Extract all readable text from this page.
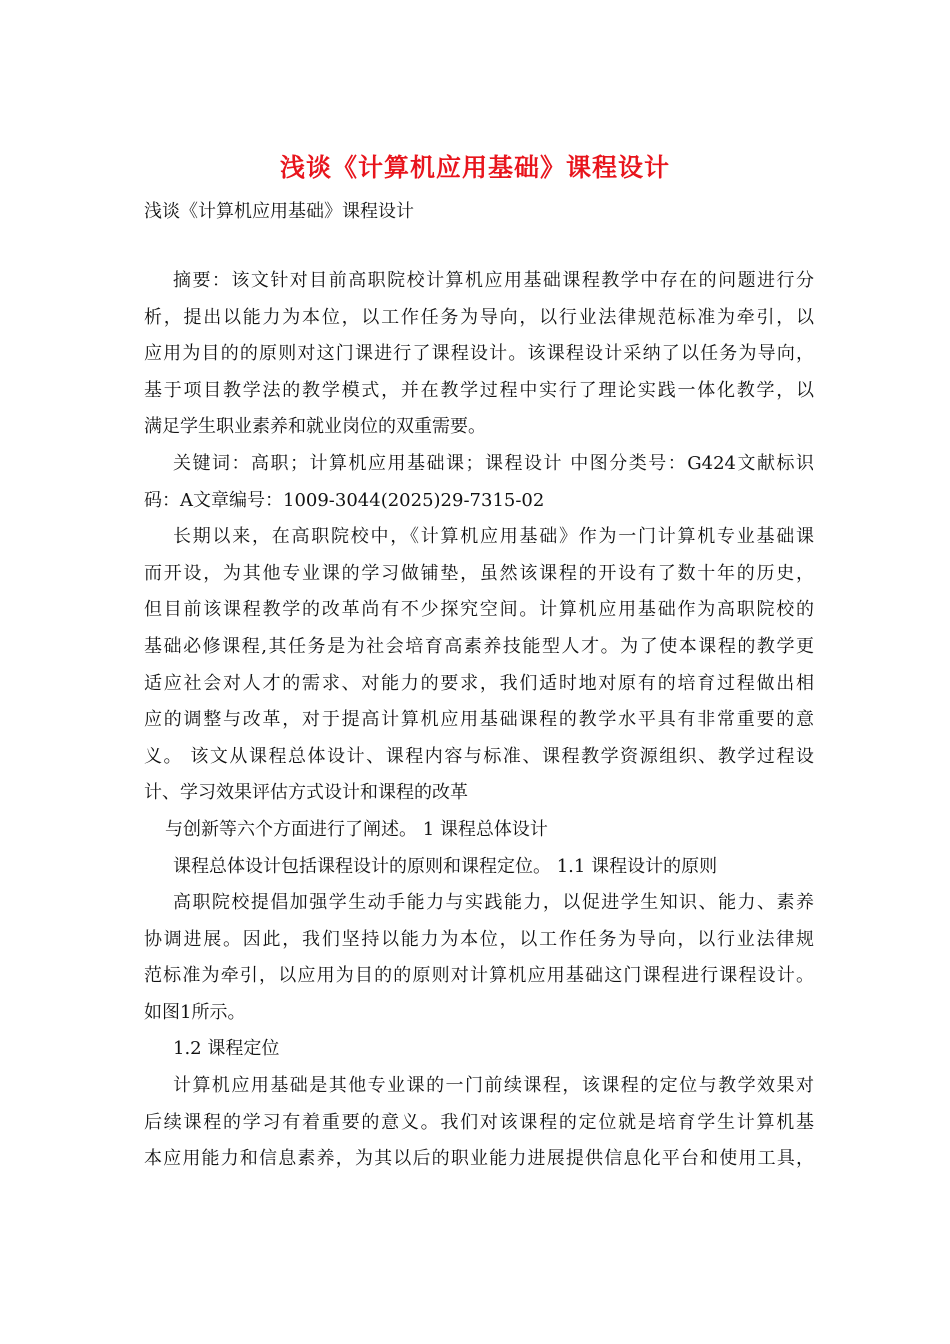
浅谈《计算机应用基础》课程设计
浅谈《计算机应用基础》课程设计
摘要：该文针对目前高职院校计算机应用基础课程教学中存在的问题进行分
析，提出以能力为本位，以工作任务为导向，以行业法律规范标准为牵引，以
应用为目的的原则对这门课进行了课程设计。该课程设计采纳了以任务为导向，
基于项目教学法的教学模式，并在教学过程中实行了理论实践一体化教学，以
满足学生职业素养和就业岗位的双重需要。
关键词：高职；计算机应用基础课；课程设计 中图分类号：G424文献标识
码：A文章编号：1009-3044(2025)29-7315-02
长期以来，在高职院校中，《计算机应用基础》作为一门计算机专业基础课
而开设，为其他专业课的学习做铺垫，虽然该课程的开设有了数十年的历史，
但目前该课程教学的改革尚有不少探究空间。计算机应用基础作为高职院校的
基础必修课程,其任务是为社会培育高素养技能型人才。为了使本课程的教学更
适应社会对人才的需求、对能力的要求，我们适时地对原有的培育过程做出相
应的调整与改革，对于提高计算机应用基础课程的教学水平具有非常重要的意
义。 该文从课程总体设计、课程内容与标准、课程教学资源组织、教学过程设
计、学习效果评估方式设计和课程的改革
与创新等六个方面进行了阐述。 1 课程总体设计
课程总体设计包括课程设计的原则和课程定位。 1.1 课程设计的原则
高职院校提倡加强学生动手能力与实践能力，以促进学生知识、能力、素养
协调进展。因此，我们坚持以能力为本位，以工作任务为导向，以行业法律规
范标准为牵引，以应用为目的的原则对计算机应用基础这门课程进行课程设计。
如图1所示。
1.2 课程定位
计算机应用基础是其他专业课的一门前续课程，该课程的定位与教学效果对
后续课程的学习有着重要的意义。我们对该课程的定位就是培育学生计算机基
本应用能力和信息素养，为其以后的职业能力进展提供信息化平台和使用工具，
